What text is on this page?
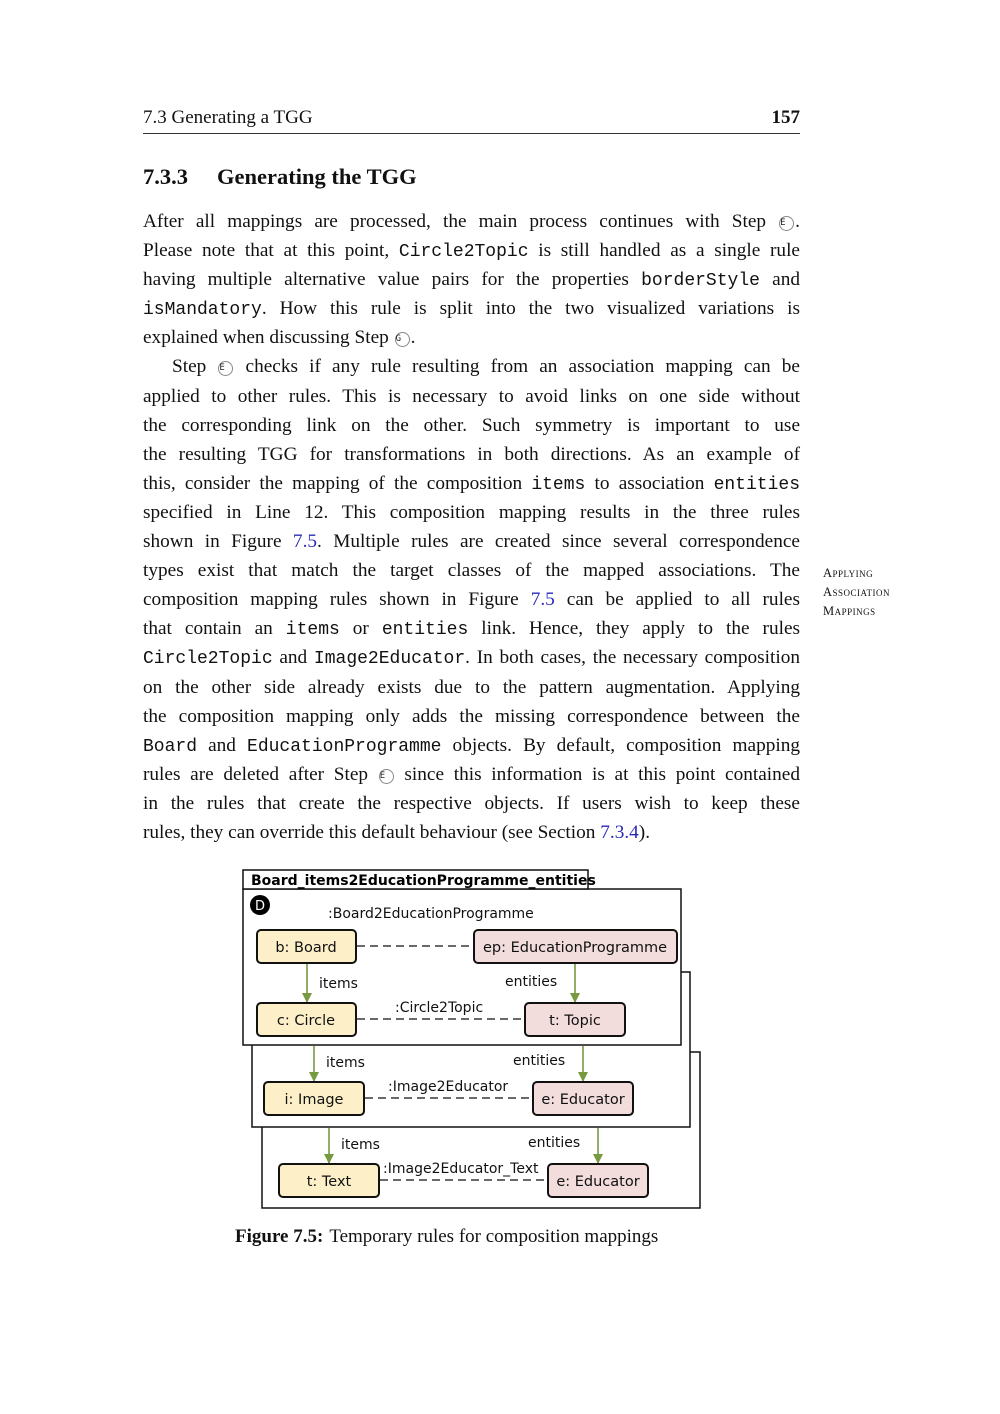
7.3 Generating a TGG	157
7.3.3 Generating the TGG
After all mappings are processed, the main process continues with Step E .
Please note that at this point, Circle2Topic is still handled as a single rule
having multiple alternative value pairs for the properties borderStyle and
isMandatory. How this rule is split into the two visualized variations is
explained when discussing Step G .
Step E checks if any rule resulting from an association mapping can be
applied to other rules. This is necessary to avoid links on one side without
the corresponding link on the other. Such symmetry is important to use
the resulting TGG for transformations in both directions. As an example of
this, consider the mapping of the composition items to association entities
specified in Line 12. This composition mapping results in the three rules
shown in Figure 7.5. Multiple rules are created since several correspondence
types exist that match the target classes of the mapped associations. The
composition mapping rules shown in Figure 7.5 can be applied to all rules
that contain an items or entities link. Hence, they apply to the rules
Circle2Topic and Image2Educator. In both cases, the necessary composition
on the other side already exists due to the pattern augmentation. Applying
the composition mapping only adds the missing correspondence between the
Board and EducationProgramme objects. By default, composition mapping
rules are deleted after Step E since this information is at this point contained
in the rules that create the respective objects. If users wish to keep these
rules, they can override this default behaviour (see Section 7.3.4).
Applying
Association
Mappings
Board_items2EducationProgramme_entities
D
b: Board	ep: EducationProgramme
c: Circle	t: Topic
i: Image	e: Educator
t: Text	e: Educator
:Board2EducationProgramme
:Circle2Topic
:Image2Educator
:Image2Educator_Text
items	entities
items	entities
items	entities
Figure 7.5: Temporary rules for composition mappings
